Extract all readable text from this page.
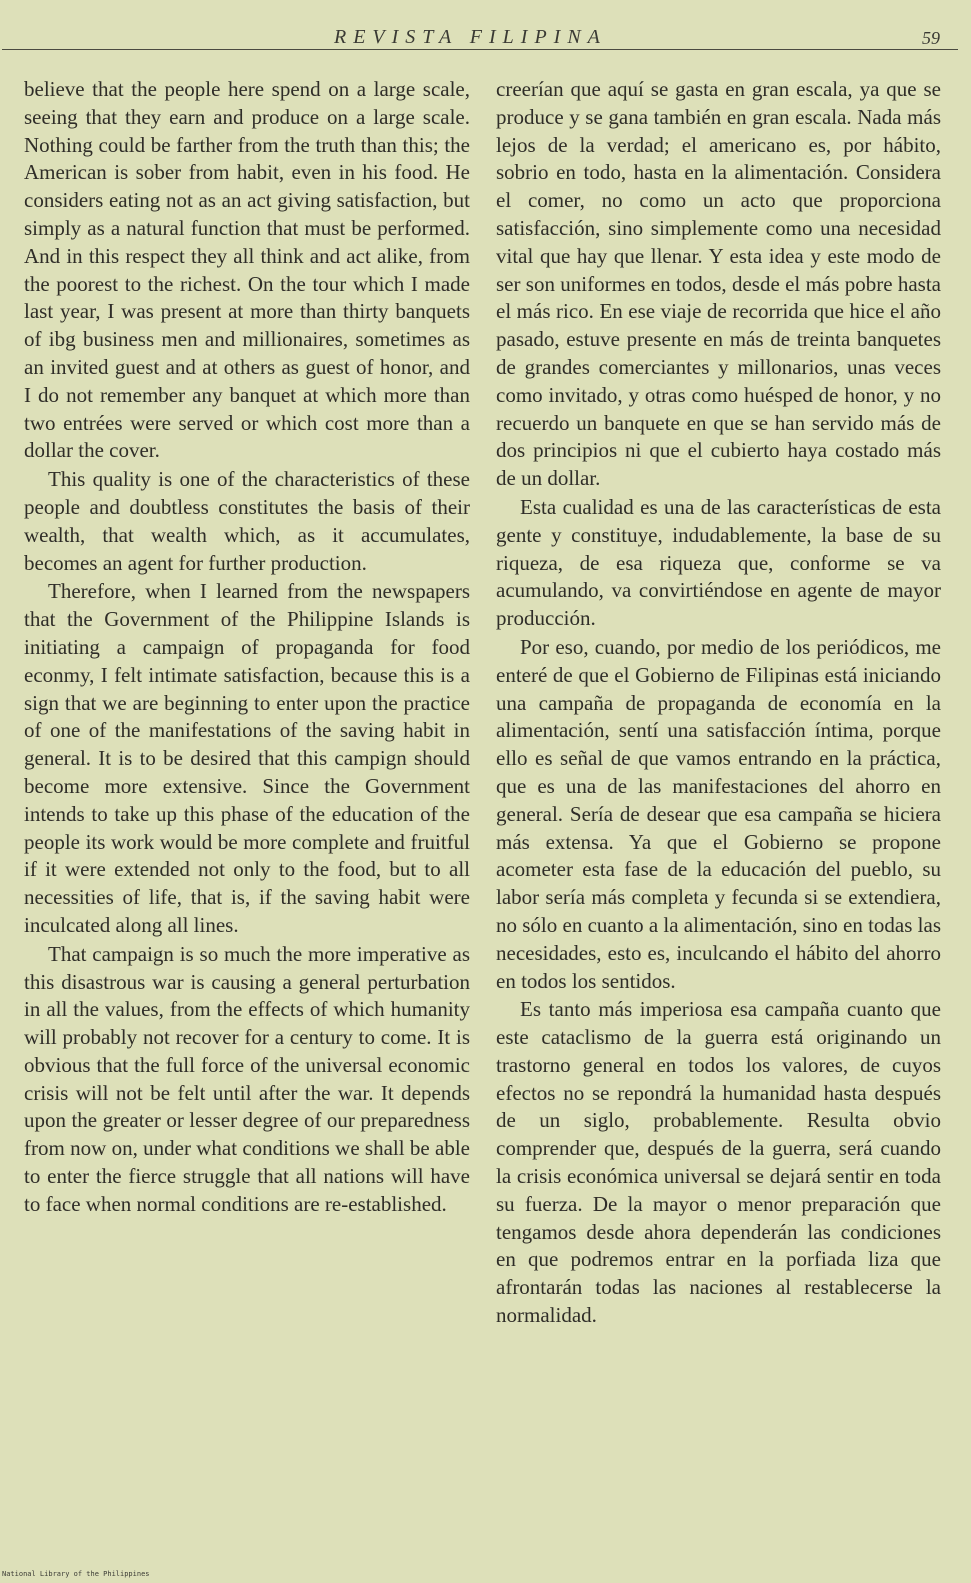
REVISTA FILIPINA	59

believe that the people here spend on a large scale, seeing that they earn and produce on a large scale. Nothing could be farther from the truth than this; the American is sober from habit, even in his food. He considers eating not as an act giving satisfaction, but simply as a natural function that must be performed. And in this respect they all think and act alike, from the poorest to the richest. On the tour which I made last year, I was present at more than thirty banquets of ibg business men and millionaires, sometimes as an invited guest and at others as guest of honor, and I do not remember any banquet at which more than two entrées were served or which cost more than a dollar the cover.

This quality is one of the characteristics of these people and doubtless constitutes the basis of their wealth, that wealth which, as it accumulates, becomes an agent for further production.

Therefore, when I learned from the newspapers that the Government of the Philippine Islands is initiating a campaign of propaganda for food econmy, I felt intimate satisfaction, because this is a sign that we are beginning to enter upon the practice of one of the manifestations of the saving habit in general. It is to be desired that this campign should become more extensive. Since the Government intends to take up this phase of the education of the people its work would be more complete and fruitful if it were extended not only to the food, but to all necessities of life, that is, if the saving habit were inculcated along all lines.

That campaign is so much the more imperative as this disastrous war is causing a general perturbation in all the values, from the effects of which humanity will probably not recover for a century to come. It is obvious that the full force of the universal economic crisis will not be felt until after the war. It depends upon the greater or lesser degree of our preparedness from now on, under what conditions we shall be able to enter the fierce struggle that all nations will have to face when normal conditions are re-established.

creerían que aquí se gasta en gran escala, ya que se produce y se gana también en gran escala. Nada más lejos de la verdad; el americano es, por hábito, sobrio en todo, hasta en la alimentación. Considera el comer, no como un acto que proporciona satisfacción, sino simplemente como una necesidad vital que hay que llenar. Y esta idea y este modo de ser son uniformes en todos, desde el más pobre hasta el más rico. En ese viaje de recorrida que hice el año pasado, estuve presente en más de treinta banquetes de grandes comerciantes y millonarios, unas veces como invitado, y otras como huésped de honor, y no recuerdo un banquete en que se han servido más de dos principios ni que el cubierto haya costado más de un dollar.

Esta cualidad es una de las características de esta gente y constituye, indudablemente, la base de su riqueza, de esa riqueza que, conforme se va acumulando, va convirtiéndose en agente de mayor producción.

Por eso, cuando, por medio de los periódicos, me enteré de que el Gobierno de Filipinas está iniciando una campaña de propaganda de economía en la alimentación, sentí una satisfacción íntima, porque ello es señal de que vamos entrando en la práctica, que es una de las manifestaciones del ahorro en general. Sería de desear que esa campaña se hiciera más extensa. Ya que el Gobierno se propone acometer esta fase de la educación del pueblo, su labor sería más completa y fecunda si se extendiera, no sólo en cuanto a la alimentación, sino en todas las necesidades, esto es, inculcando el hábito del ahorro en todos los sentidos.

Es tanto más imperiosa esa campaña cuanto que este cataclismo de la guerra está originando un trastorno general en todos los valores, de cuyos efectos no se repondrá la humanidad hasta después de un siglo, probablemente. Resulta obvio comprender que, después de la guerra, será cuando la crisis económica universal se dejará sentir en toda su fuerza. De la mayor o menor preparación que tengamos desde ahora dependerán las condiciones en que podremos entrar en la porfiada liza que afrontarán todas las naciones al restablecerse la normalidad.

National Library of the Philippines
